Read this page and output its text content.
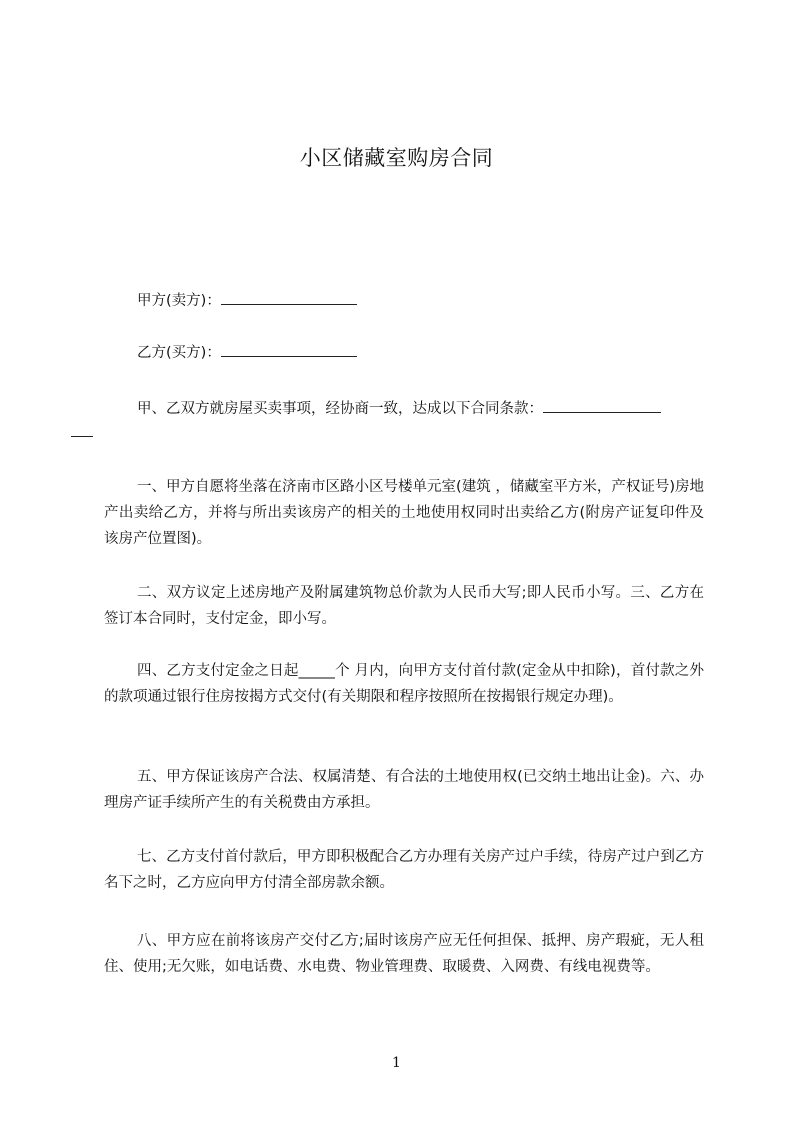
小区储藏室购房合同
甲方(卖方)：
乙方(买方)：
甲、乙双方就房屋买卖事项，经协商一致，达成以下合同条款：
一、甲方自愿将坐落在济南市区路小区号楼单元室(建筑 ，储藏室平方米，产权证号)房地产出卖给乙方，并将与所出卖该房产的相关的土地使用权同时出卖给乙方(附房产证复印件及该房产位置图)。
二、双方议定上述房地产及附属建筑物总价款为人民币大写;即人民币小写。三、乙方在签订本合同时，支付定金，即小写。
四、乙方支付定金之日起_____个 月内，向甲方支付首付款(定金从中扣除)，首付款之外的款项通过银行住房按揭方式交付(有关期限和程序按照所在按揭银行规定办理)。
五、甲方保证该房产合法、权属清楚、有合法的土地使用权(已交纳土地出让金)。六、办理房产证手续所产生的有关税费由方承担。
七、乙方支付首付款后，甲方即积极配合乙方办理有关房产过户手续，待房产过户到乙方名下之时，乙方应向甲方付清全部房款余额。
八、甲方应在前将该房产交付乙方;届时该房产应无任何担保、抵押、房产瑕疵，无人租住、使用;无欠账，如电话费、水电费、物业管理费、取暖费、入网费、有线电视费等。
1
